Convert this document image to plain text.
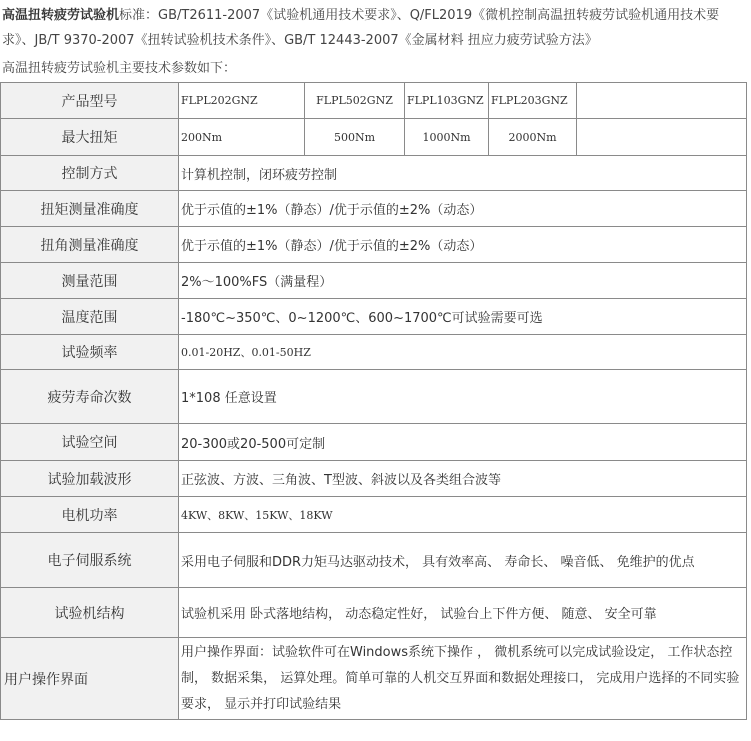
高温扭转疲劳试验机标准：GB/T2611-2007《试验机通用技术要求》、Q/FL2019《微机控制高温扭转疲劳试验机通用技术要求》、JB/T 9370-2007《扭转试验机技术条件》、GB/T 12443-2007《金属材料 扭应力疲劳试验方法》
高温扭转疲劳试验机主要技术参数如下：
产品型号	FLPL202GNZ	FLPL502GNZ	FLPL103GNZ	FLPL203GNZ	
最大扭矩	200Nm	500Nm	1000Nm	2000Nm	
控制方式	计算机控制，闭环疲劳控制				
扭矩测量准确度	优于示值的±1%（静态）/优于示值的±2%（动态）				
扭角测量准确度	优于示值的±1%（静态）/优于示值的±2%（动态）				
测量范围	2%～100%FS（满量程）				
温度范围	-180℃~350℃、0~1200℃、600~1700℃可试验需要可选				
试验频率	0.01-20HZ、0.01-50HZ				
疲劳寿命次数	1*108 任意设置				
试验空间	20-300或20-500可定制				
试验加载波形	正弦波、方波、三角波、T型波、斜波以及各类组合波等				
电机功率	4KW、8KW、15KW、18KW				
电子伺服系统	采用电子伺服和DDR力矩马达驱动技术， 具有效率高、 寿命长、 噪音低、 免维护的优点				
试验机结构	试验机采用 卧式落地结构， 动态稳定性好， 试验台上下件方便、 随意、 安全可靠				
用户操作界面	用户操作界面：试验软件可在Windows系统下操作 ， 微机系统可以完成试验设定， 工作状态控制， 数据采集， 运算处理。简单可靠的人机交互界面和数据处理接口， 完成用户选择的不同实验要求， 显示并打印试验结果				
